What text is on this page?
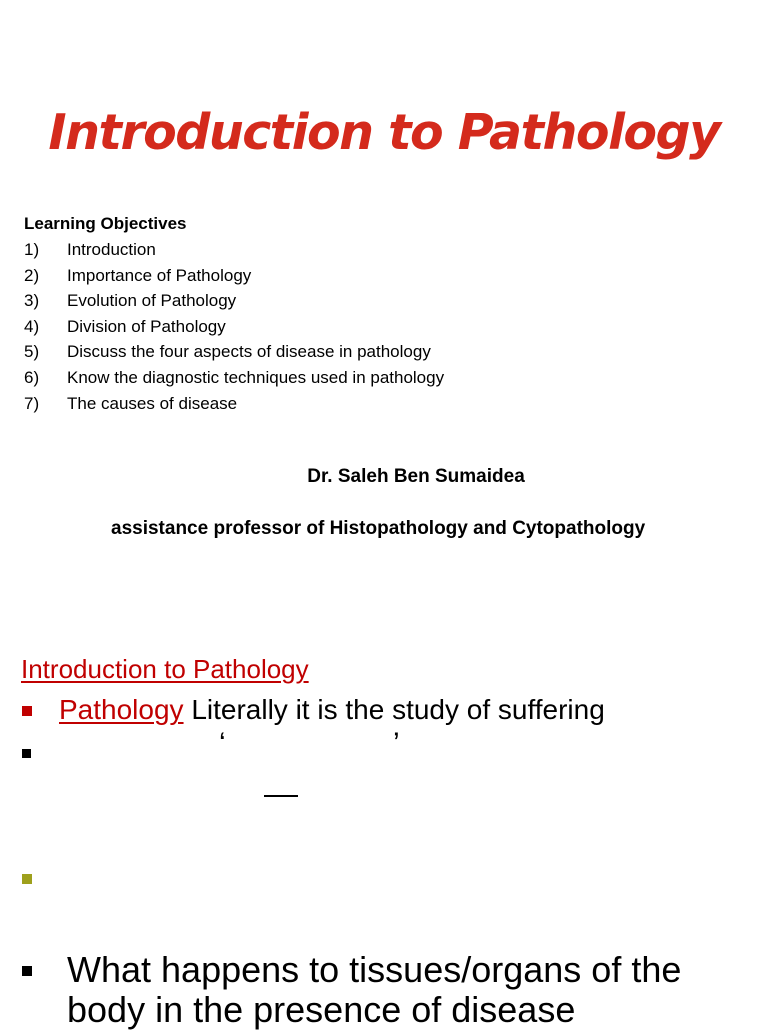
Introduction to Pathology
Learning Objectives
1) Introduction
2) Importance of Pathology
3) Evolution of Pathology
4) Division of Pathology
5) Discuss the four aspects of disease in pathology
6) Know the diagnostic techniques used in pathology
7) The causes of disease
Dr. Saleh Ben Sumaidea
assistance professor of Histopathology and Cytopathology
Introduction to Pathology
Pathology Literally it is the study of suffering
‘	’
What happens to tissues/organs of the body in the presence of disease
